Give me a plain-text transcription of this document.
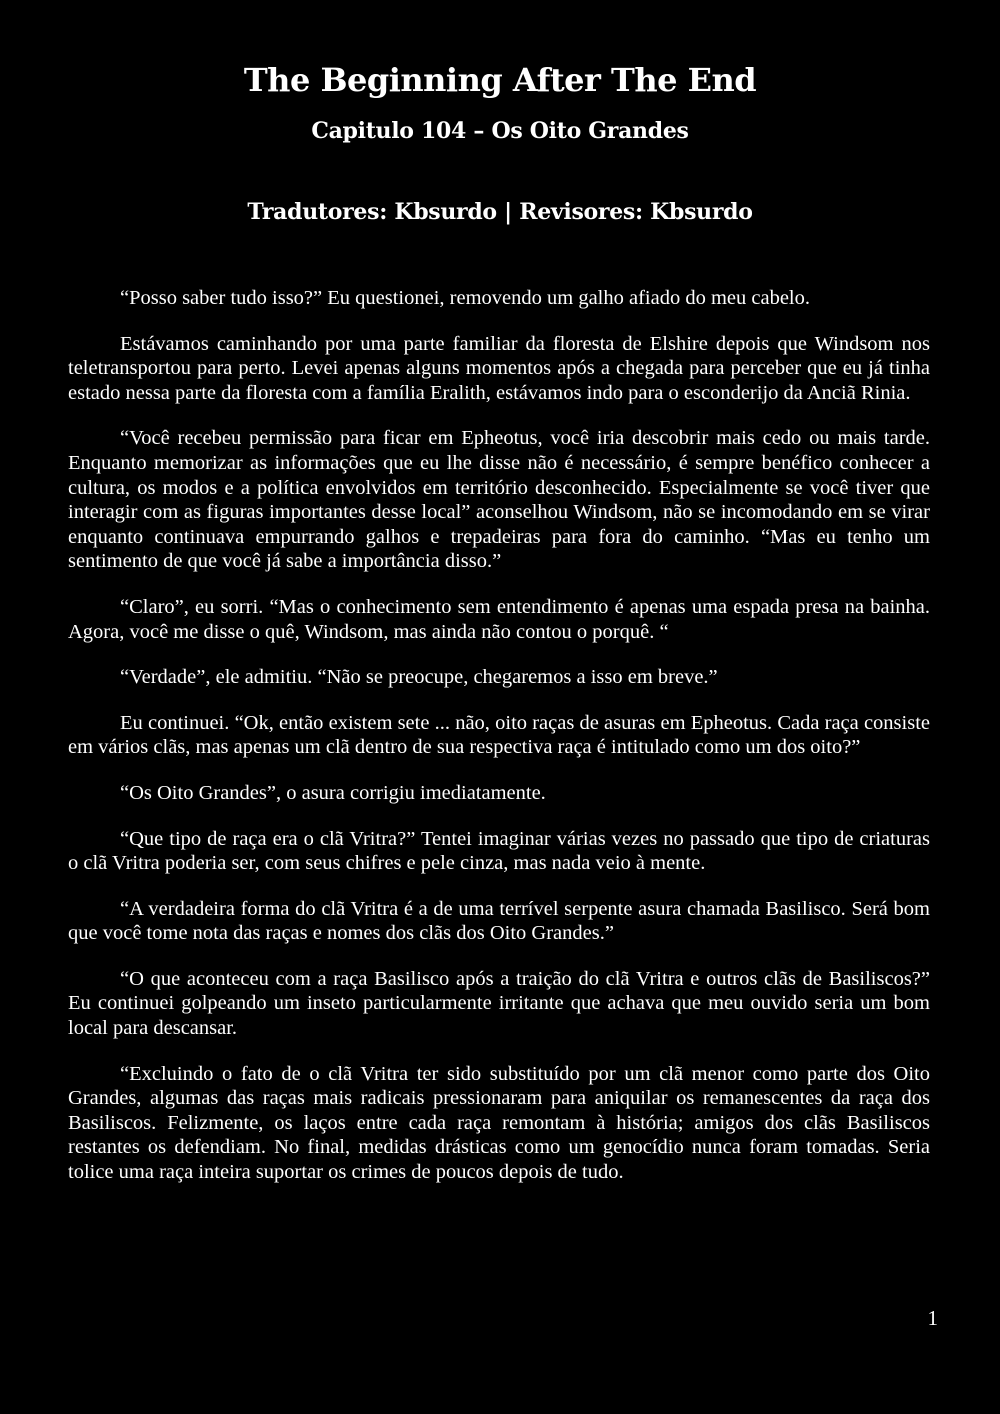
The Beginning After The End
Capitulo 104 – Os Oito Grandes
Tradutores: Kbsurdo | Revisores: Kbsurdo

“Posso saber tudo isso?” Eu questionei, removendo um galho afiado do meu cabelo.

Estávamos caminhando por uma parte familiar da floresta de Elshire depois que Windsom nos teletransportou para perto. Levei apenas alguns momentos após a chegada para perceber que eu já tinha estado nessa parte da floresta com a família Eralith, estávamos indo para o esconderijo da Anciã Rinia.

“Você recebeu permissão para ficar em Epheotus, você iria descobrir mais cedo ou mais tarde. Enquanto memorizar as informações que eu lhe disse não é necessário, é sempre benéfico conhecer a cultura, os modos e a política envolvidos em território desconhecido. Especialmente se você tiver que interagir com as figuras importantes desse local” aconselhou Windsom, não se incomodando em se virar enquanto continuava empurrando galhos e trepadeiras para fora do caminho. “Mas eu tenho um sentimento de que você já sabe a importância disso.”

“Claro”, eu sorri. “Mas o conhecimento sem entendimento é apenas uma espada presa na bainha. Agora, você me disse o quê, Windsom, mas ainda não contou o porquê. “

“Verdade”, ele admitiu. “Não se preocupe, chegaremos a isso em breve.”

Eu continuei. “Ok, então existem sete ... não, oito raças de asuras em Epheotus. Cada raça consiste em vários clãs, mas apenas um clã dentro de sua respectiva raça é intitulado como um dos oito?”

“Os Oito Grandes”, o asura corrigiu imediatamente.

“Que tipo de raça era o clã Vritra?” Tentei imaginar várias vezes no passado que tipo de criaturas o clã Vritra poderia ser, com seus chifres e pele cinza, mas nada veio à mente.

“A verdadeira forma do clã Vritra é a de uma terrível serpente asura chamada Basilisco. Será bom que você tome nota das raças e nomes dos clãs dos Oito Grandes.”

“O que aconteceu com a raça Basilisco após a traição do clã Vritra e outros clãs de Basiliscos?” Eu continuei golpeando um inseto particularmente irritante que achava que meu ouvido seria um bom local para descansar.

“Excluindo o fato de o clã Vritra ter sido substituído por um clã menor como parte dos Oito Grandes, algumas das raças mais radicais pressionaram para aniquilar os remanescentes da raça dos Basiliscos. Felizmente, os laços entre cada raça remontam à história; amigos dos clãs Basiliscos restantes os defendiam. No final, medidas drásticas como um genocídio nunca foram tomadas. Seria tolice uma raça inteira suportar os crimes de poucos depois de tudo.

1
